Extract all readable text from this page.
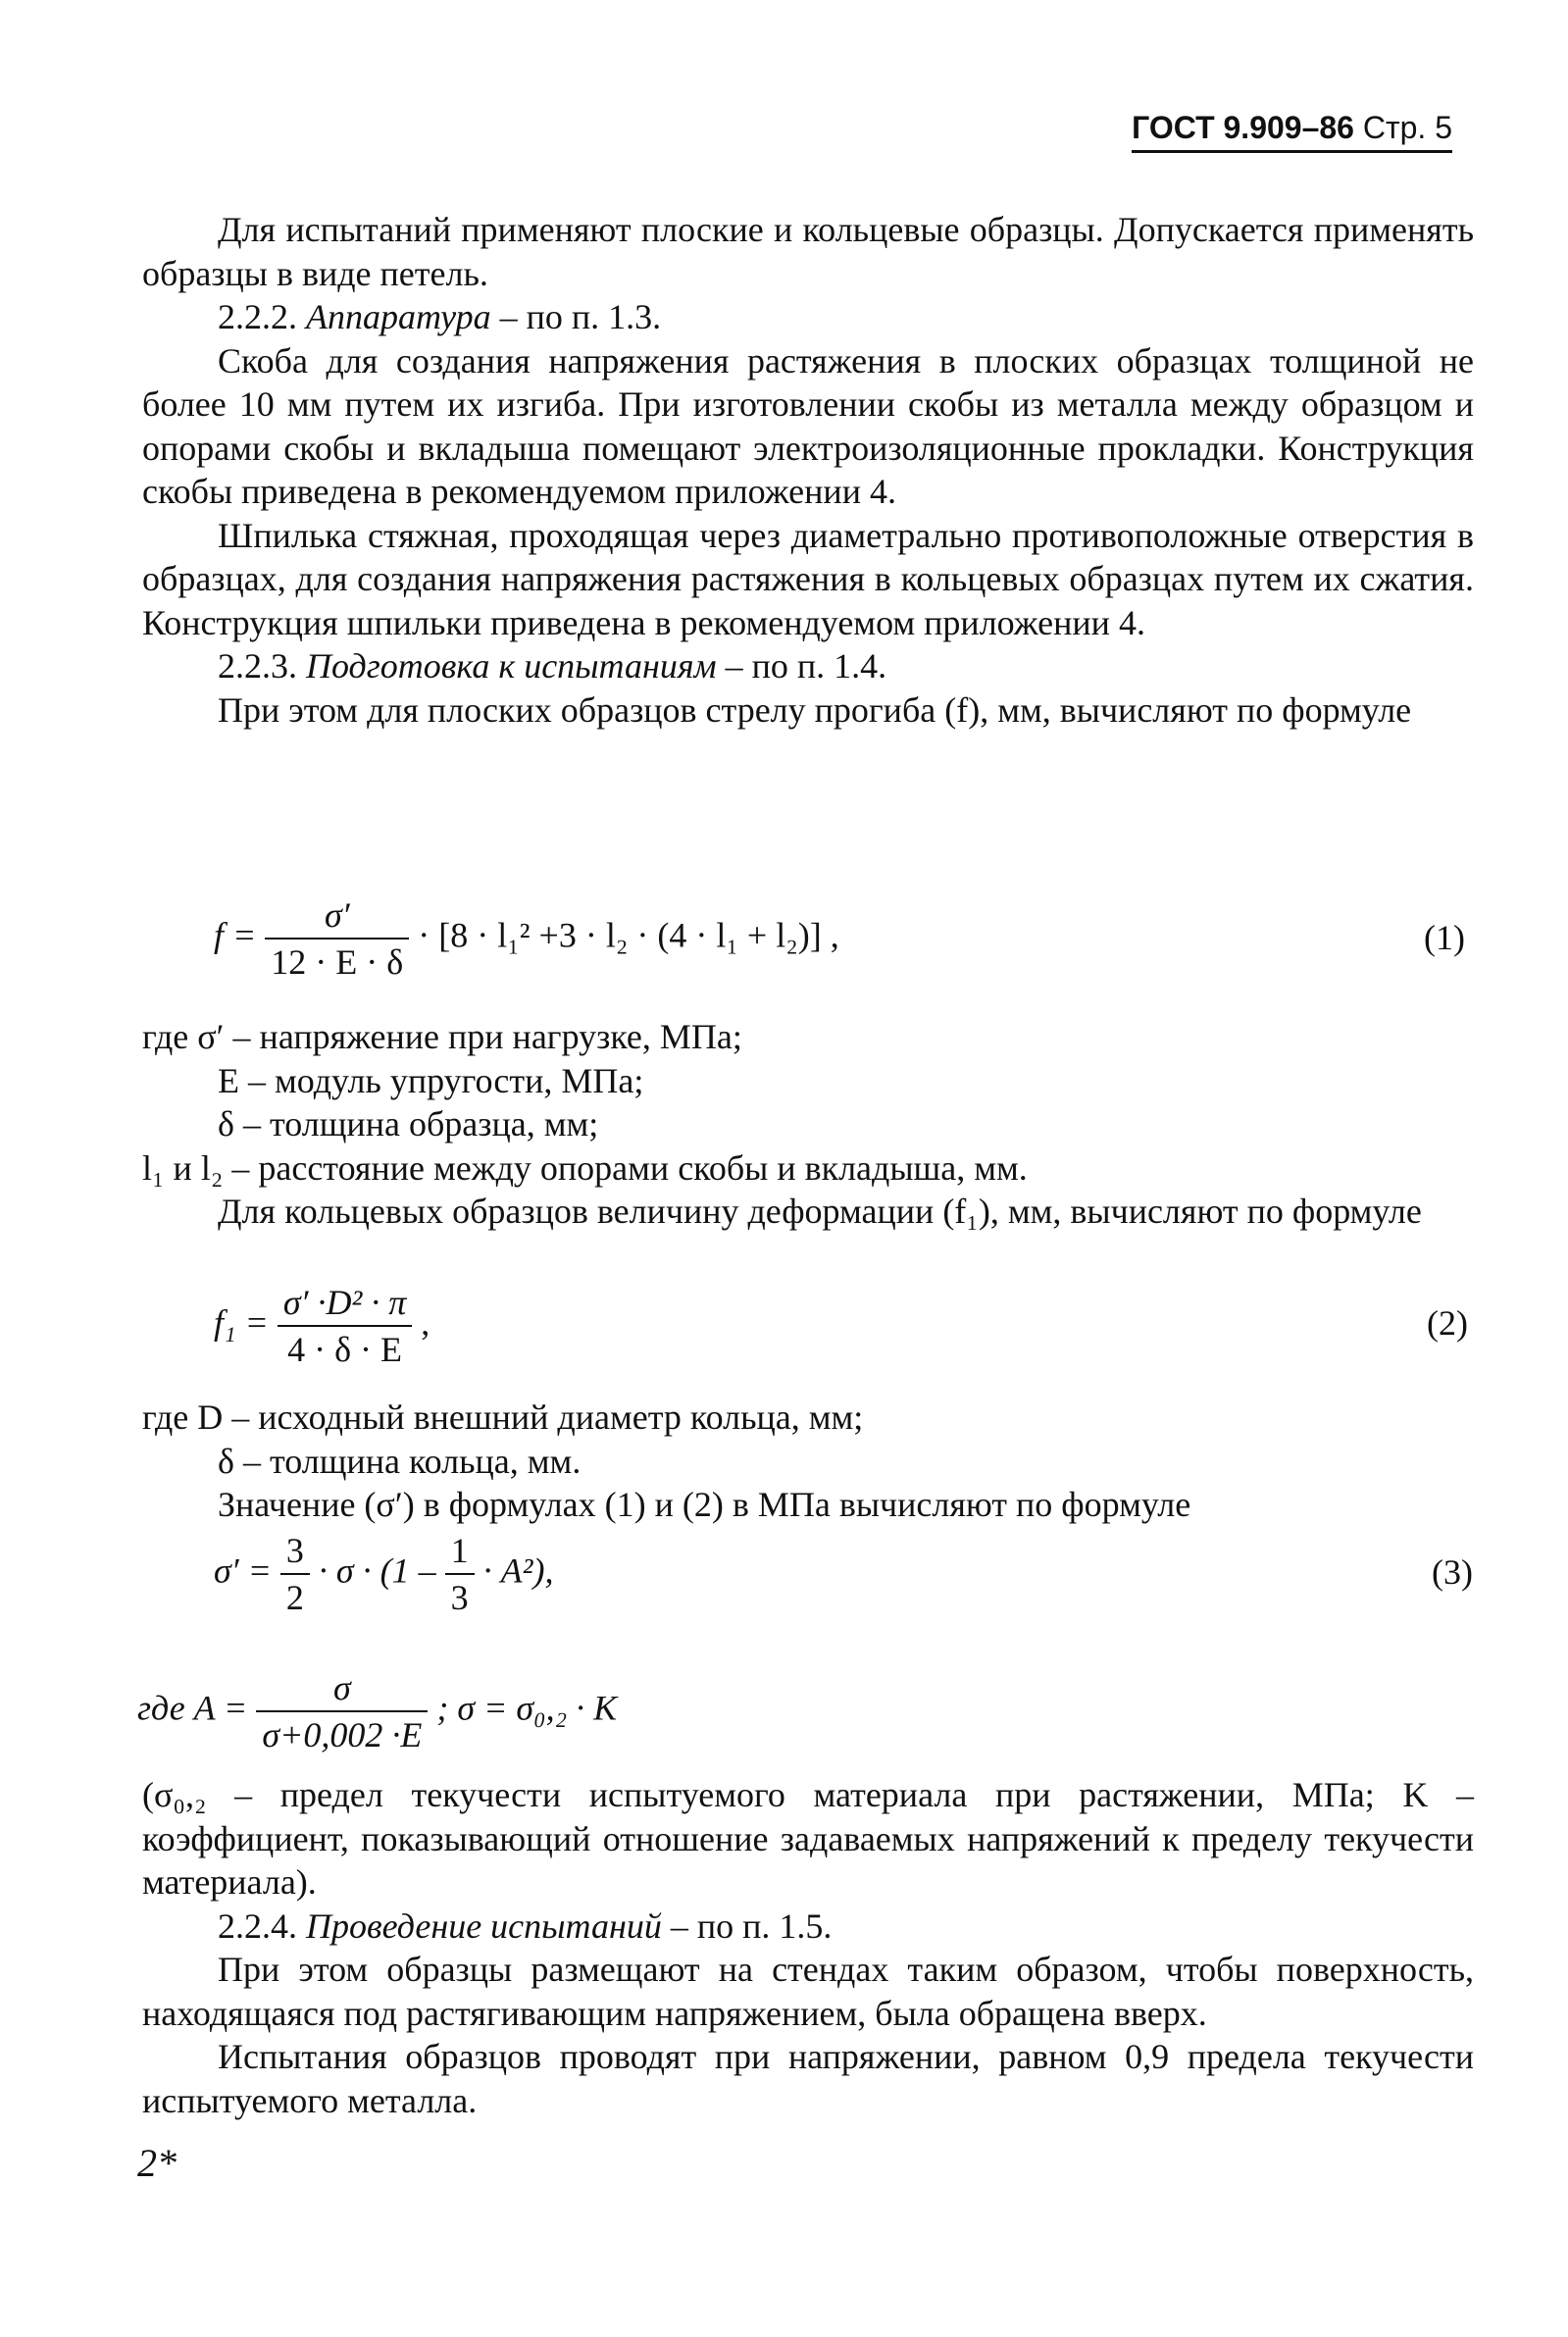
ГОСТ 9.909–86 Стр. 5

Для испытаний применяют плоские и кольцевые образцы. Допускается применять образцы в виде петель.

2.2.2. Аппаратура – по п. 1.3.

Скоба для создания напряжения растяжения в плоских образцах толщиной не более 10 мм путем их изгиба. При изготовлении скобы из металла между образцом и опорами скобы и вкладыша помещают электроизоляционные прокладки. Конструкция скобы приведена в рекомендуемом приложении 4.

Шпилька стяжная, проходящая через диаметрально противоположные отверстия в образцах, для создания напряжения растяжения в кольцевых образцах путем их сжатия. Конструкция шпильки приведена в рекомендуемом приложении 4.

2.2.3. Подготовка к испытаниям – по п. 1.4.

При этом для плоских образцов стрелу прогиба (f), мм, вычисляют по формуле

$f = \frac{\sigma'}{12 \cdot E \cdot \delta} \cdot [8 \cdot l_1^2 +3 \cdot l_2 \cdot (4 \cdot l_1 + l_2)]$ ,	(1)

где σ′ – напряжение при нагрузке, МПа;

E – модуль упругости, МПа;

δ – толщина образца, мм;

l₁ и l₂ – расстояние между опорами скобы и вкладыша, мм.

Для кольцевых образцов величину деформации (f₁), мм, вычисляют по формуле

$f_1 = \frac{\text{σ′ ·D² · π}}{4 \cdot \delta \cdot E}$ ,	(2)

где D – исходный внешний диаметр кольца, мм;

δ – толщина кольца, мм.

Значение (σ′) в формулах (1) и (2) в МПа вычисляют по формуле

$\sigma' = \frac{3}{2} \cdot \sigma \cdot (1 - \frac{1}{3} \cdot A^2)$,	(3)
где $A = \frac{\sigma}{\sigma+0,002 \cdot E}$ ; σ = σ₀,₂ · K

(σ₀,₂ – предел текучести испытуемого материала при растяжении, МПа; K – коэффициент, показывающий отношение задаваемых напряжений к пределу текучести материала).

2.2.4. Проведение испытаний – по п. 1.5.

При этом образцы размещают на стендах таким образом, чтобы поверхность, находящаяся под растягивающим напряжением, была обращена вверх.

Испытания образцов проводят при напряжении, равном 0,9 предела текучести испытуемого металла.

2*
